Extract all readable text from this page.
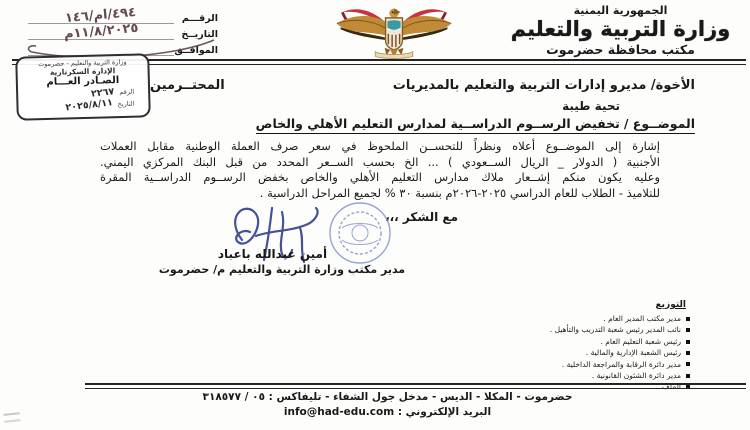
الجمهورية اليمنية
وزارة التربية والتعليم
مكتب محافظة حضرموت
الرقـــم
٤٩٤/ام/١٤٦
التاريــخ
١١/٨/٢٠٢٥م
الموافــق
وزارة التربية والتعليم - حضرموت
الإدارة السكرتارية
الصـادر العـــام
الرقم
٢٢٦٧
التاريخ
٢٠٢٥/٨/١١
الأخوة/ مديرو إدارات التربية والتعليم بالمديريات
المحتــرمين
تحية طيبة
الموضــوع /تخفيض الرســوم الدراســية لمدارس التعليم الأهلي والخاص
إشارة إلى الموضــوع أعلاه ونظراً للتحســن الملحوظ في سعر صرف العملة الوطنية مقابل العملات
الأجنبية ( الدولار _ الريال الســعودي ) ... الخ بحسب الســعر المحدد من قبل البنك المركزي اليمني.
وعليه يكون منكم إشــعار ملاك مدارس التعليم الأهلي والخاص بخفض الرســوم الدراســية المقرة
للتلاميذ - الطلاب للعام الدراسي ٢٠٢٥-٢٠٢٦م بنسبة ٣٠ % لجميع المراحل الدراسية .
مع الشكر ،،،
أمين عبدالله باعباد
مدير مكتب وزارة التربية والتعليم م/ حضرموت
التوزيع
مدير مكتب المدير العام .
نائب المدير رئيس شعبة التدريب والتأهيل .
رئيس شعبة التعليم العام .
رئيس الشعبة الإدارية والمالية .
مدير دائرة الرقابة والمراجعة الداخلية .
مدير دائرة الشئون القانونية .
الملف .
حضرموت - المكلا - الديس - مدخل جول الشفاء - تليفاكس : ٠٥ / ٣١٨٥٧٧
البريد الإلكتروني : info@had-edu.com
